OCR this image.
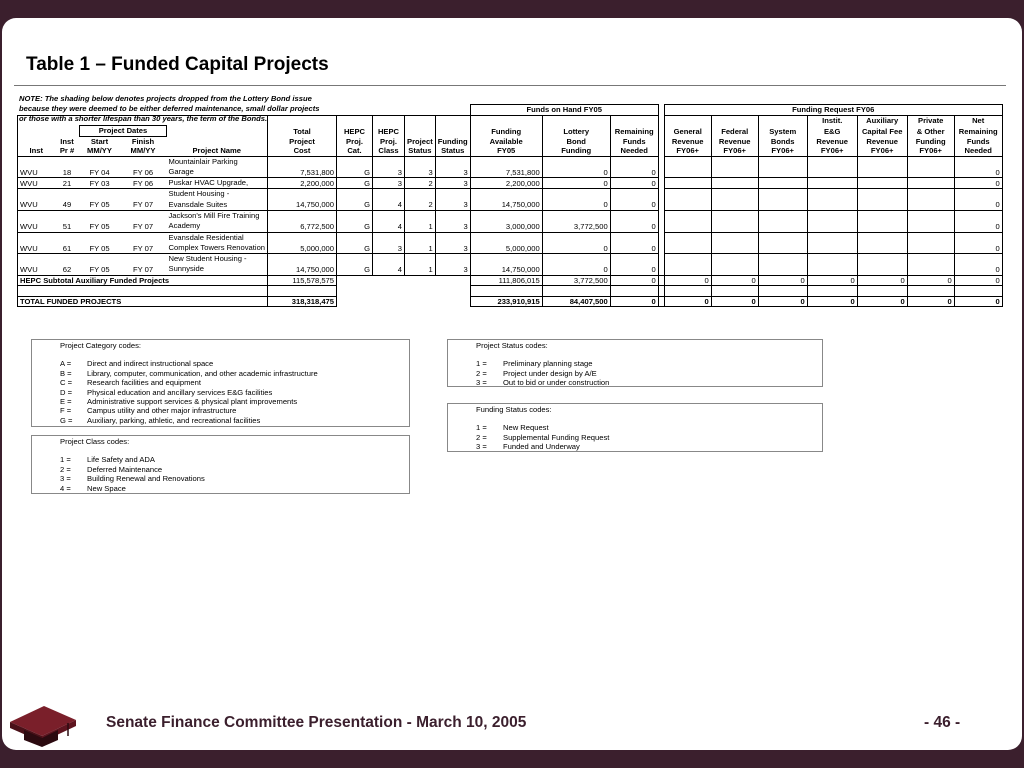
Table 1 – Funded Capital Projects
NOTE: The shading below denotes projects dropped from the Lottery Bond issue
because they were deemed to be either deferred maintenance, small dollar projects
or those with a shorter lifespan than 30 years, the term of the Bonds.
										Funds on Hand FY05				Funding Request FY06						
																	Instit.	Auxiliary	Private	Net
		Project Dates			Total	HEPC	HEPC			Funding	Lottery	Remaining		General	Federal	System	E&G	Capital Fee	& Other	Remaining
	Inst	Start	Finish		Project	Proj.	Proj.	Project	Funding	Available	Bond	Funds		Revenue	Revenue	Bonds	Revenue	Revenue	Funding	Funds
Inst	Pr #	MM/YY	MM/YY	Project Name	Cost	Cat.	Class	Status	Status	FY05	Funding	Needed		FY06+	FY06+	FY06+	FY06+	FY06+	FY06+	Needed
WVU	18	FY 04	FY 06	Mountainlair Parking Garage	7,531,800	G	3	3	3	7,531,800	0	0								0
WVU	21	FY 03	FY 06	Puskar HVAC Upgrade,	2,200,000	G	3	2	3	2,200,000	0	0								0
WVU	49	FY 05	FY 07	Student Housing - Evansdale Suites	14,750,000	G	4	2	3	14,750,000	0	0								0
WVU	51	FY 05	FY 07	Jackson's Mill Fire Training Academy	6,772,500	G	4	1	3	3,000,000	3,772,500	0								0
WVU	61	FY 05	FY 07	Evansdale Residential Complex Towers Renovation	5,000,000	G	3	1	3	5,000,000	0	0								0
WVU	62	FY 05	FY 07	New Student Housing - Sunnyside	14,750,000	G	4	1	3	14,750,000	0	0								0
HEPC Subtotal Auxiliary Funded Projects					115,578,575					111,806,015	3,772,500	0		0	0	0	0	0	0	0

TOTAL FUNDED PROJECTS					318,318,475					233,910,915	84,407,500	0		0	0	0	0	0	0	0
Project Category codes:
A =	Direct and indirect instructional space
B =	Library, computer, communication, and other academic infrastructure
C =	Research facilities and equipment
D =	Physical education and ancillary services E&G facilities
E =	Administrative support services & physical plant improvements
F =	Campus utility and other major infrastructure
G =	Auxiliary, parking, athletic, and recreational facilities
Project Class codes:
1 =	Life Safety and ADA
2 =	Deferred Maintenance
3 =	Building Renewal and Renovations
4 =	New Space
Project Status codes:
1 =	Preliminary planning stage
2 =	Project under design by A/E
3 =	Out to bid or under construction
Funding Status codes:
1 =	New Request
2 =	Supplemental Funding Request
3 =	Funded and Underway
Senate Finance Committee Presentation - March 10, 2005	- 46 -
